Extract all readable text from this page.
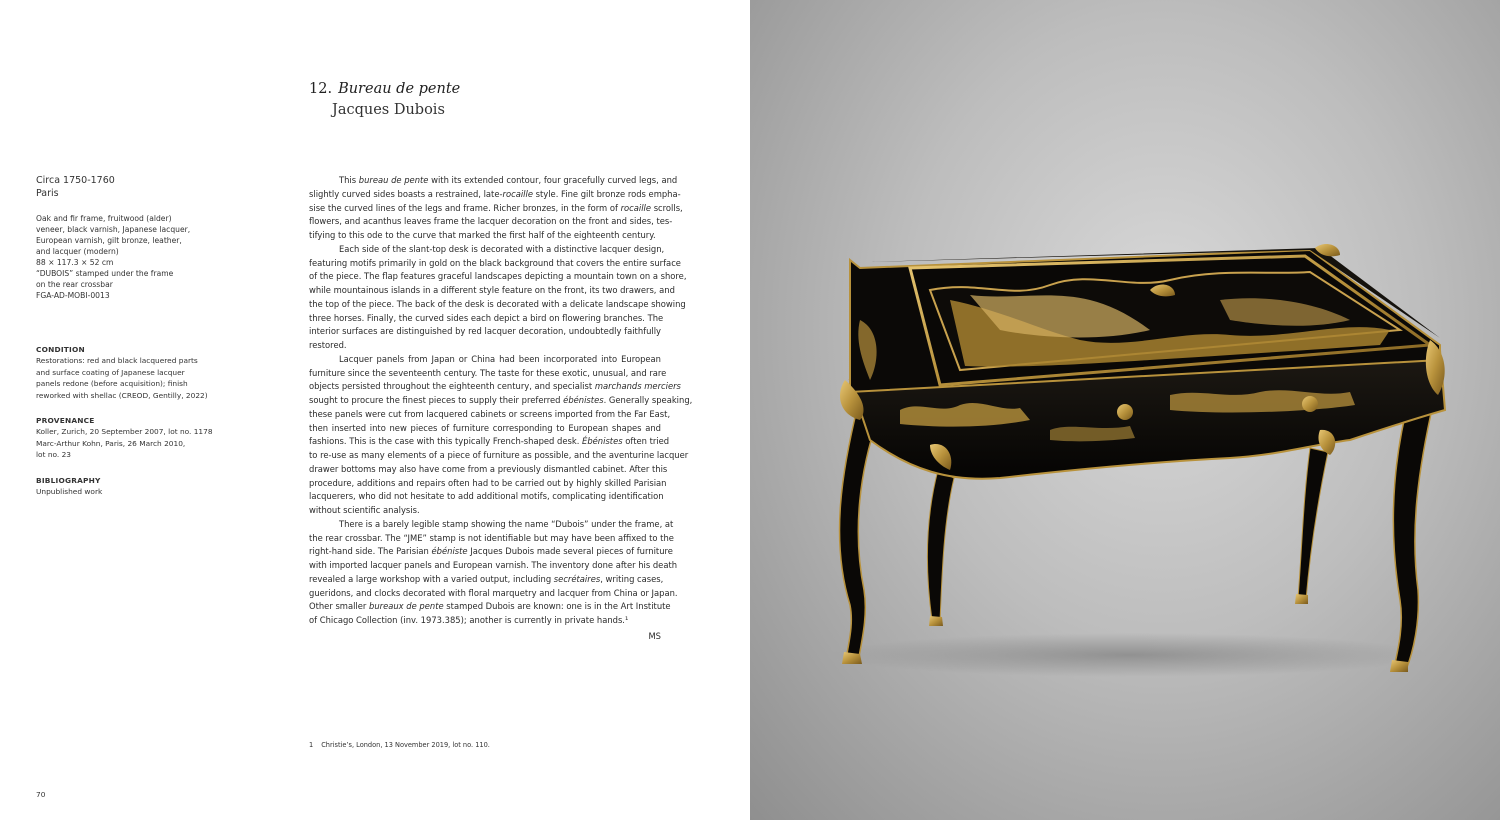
12. Bureau de pente
Jacques Dubois
Circa 1750-1760
Paris
Oak and fir frame, fruitwood (alder)
veneer, black varnish, Japanese lacquer,
European varnish, gilt bronze, leather,
and lacquer (modern)
88 × 117.3 × 52 cm
“DUBOIS” stamped under the frame
on the rear crossbar
FGA-AD-MOBI-0013
CONDITION
Restorations: red and black lacquered parts
and surface coating of Japanese lacquer
panels redone (before acquisition); finish
reworked with shellac (CREOD, Gentilly, 2022)
PROVENANCE
Koller, Zurich, 20 September 2007, lot no. 1178
Marc-Arthur Kohn, Paris, 26 March 2010,
lot no. 23
BIBLIOGRAPHY
Unpublished work
This bureau de pente with its extended contour, four gracefully curved legs, and
slightly curved sides boasts a restrained, late-rocaille style. Fine gilt bronze rods empha-
sise the curved lines of the legs and frame. Richer bronzes, in the form of rocaille scrolls,
flowers, and acanthus leaves frame the lacquer decoration on the front and sides, tes-
tifying to this ode to the curve that marked the first half of the eighteenth century.
Each side of the slant-top desk is decorated with a distinctive lacquer design,
featuring motifs primarily in gold on the black background that covers the entire surface
of the piece. The flap features graceful landscapes depicting a mountain town on a shore,
while mountainous islands in a different style feature on the front, its two drawers, and
the top of the piece. The back of the desk is decorated with a delicate landscape showing
three horses. Finally, the curved sides each depict a bird on flowering branches. The
interior surfaces are distinguished by red lacquer decoration, undoubtedly faithfully
restored.
Lacquer panels from Japan or China had been incorporated into European
furniture since the seventeenth century. The taste for these exotic, unusual, and rare
objects persisted throughout the eighteenth century, and specialist marchands merciers
sought to procure the finest pieces to supply their preferred ébénistes. Generally speaking,
these panels were cut from lacquered cabinets or screens imported from the Far East,
then inserted into new pieces of furniture corresponding to European shapes and
fashions. This is the case with this typically French-shaped desk. Ébénistes often tried
to re-use as many elements of a piece of furniture as possible, and the aventurine lacquer
drawer bottoms may also have come from a previously dismantled cabinet. After this
procedure, additions and repairs often had to be carried out by highly skilled Parisian
lacquerers, who did not hesitate to add additional motifs, complicating identification
without scientific analysis.
There is a barely legible stamp showing the name “Dubois” under the frame, at
the rear crossbar. The “JME” stamp is not identifiable but may have been affixed to the
right-hand side. The Parisian ébéniste Jacques Dubois made several pieces of furniture
with imported lacquer panels and European varnish. The inventory done after his death
revealed a large workshop with a varied output, including secrétaires, writing cases,
gueridons, and clocks decorated with floral marquetry and lacquer from China or Japan.
Other smaller bureaux de pente stamped Dubois are known: one is in the Art Institute
of Chicago Collection (inv. 1973.385); another is currently in private hands.¹
MS
1 Christie’s, London, 13 November 2019, lot no. 110.
70
